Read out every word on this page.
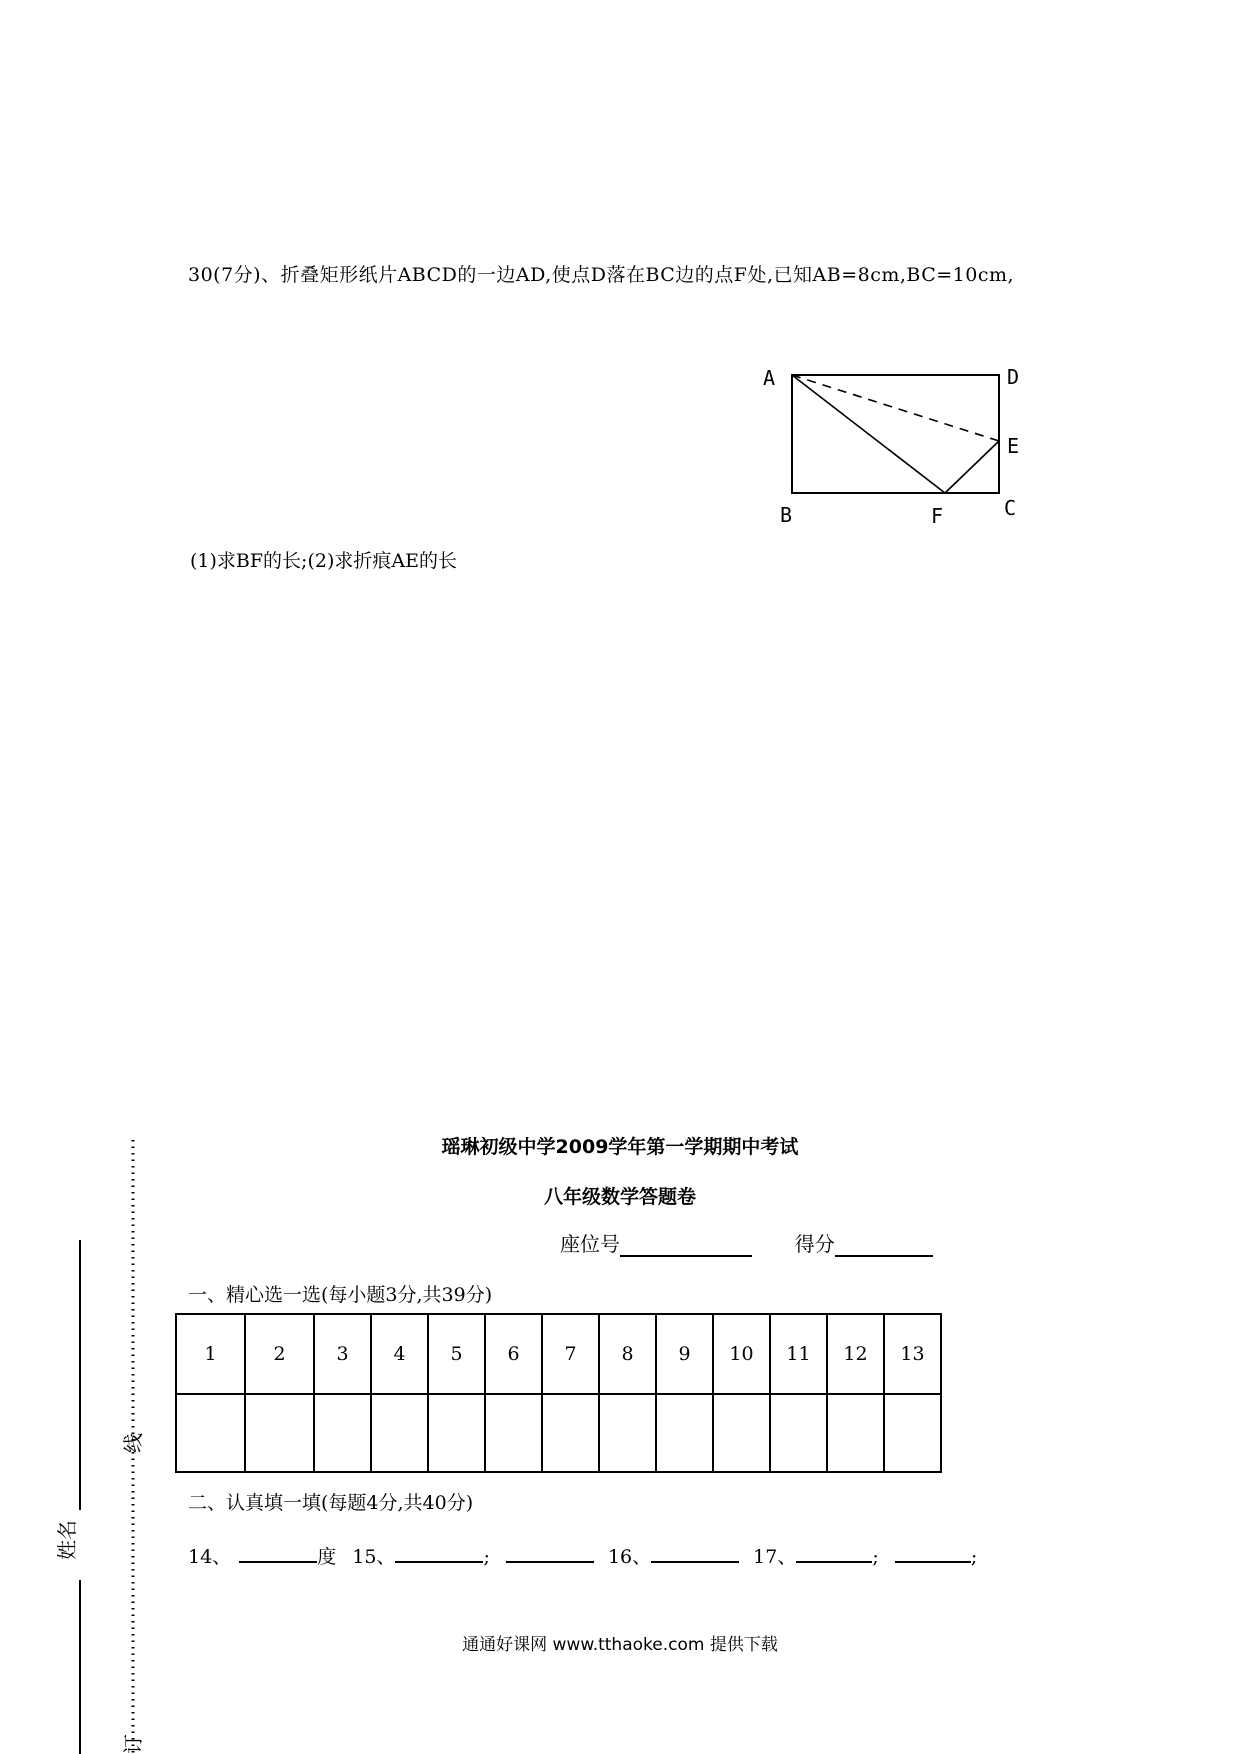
30(7分)、折叠矩形纸片ABCD的一边AD,使点D落在BC边的点F处,已知AB=8cm,BC=10cm,
A	D
E
B	F	C
(1)求BF的长;(2)求折痕AE的长
姓名
线
订
瑶琳初级中学2009学年第一学期期中考试
八年级数学答题卷
座位号	得分
一、精心选一选(每小题3分,共39分)
1	2	3	4	5	6	7	8	9	10	11	12	13

二、认真填一填(每题4分,共40分)
14、	度 15、	;	16、	17、	;	;
通通好课网 www.tthaoke.com 提供下载
